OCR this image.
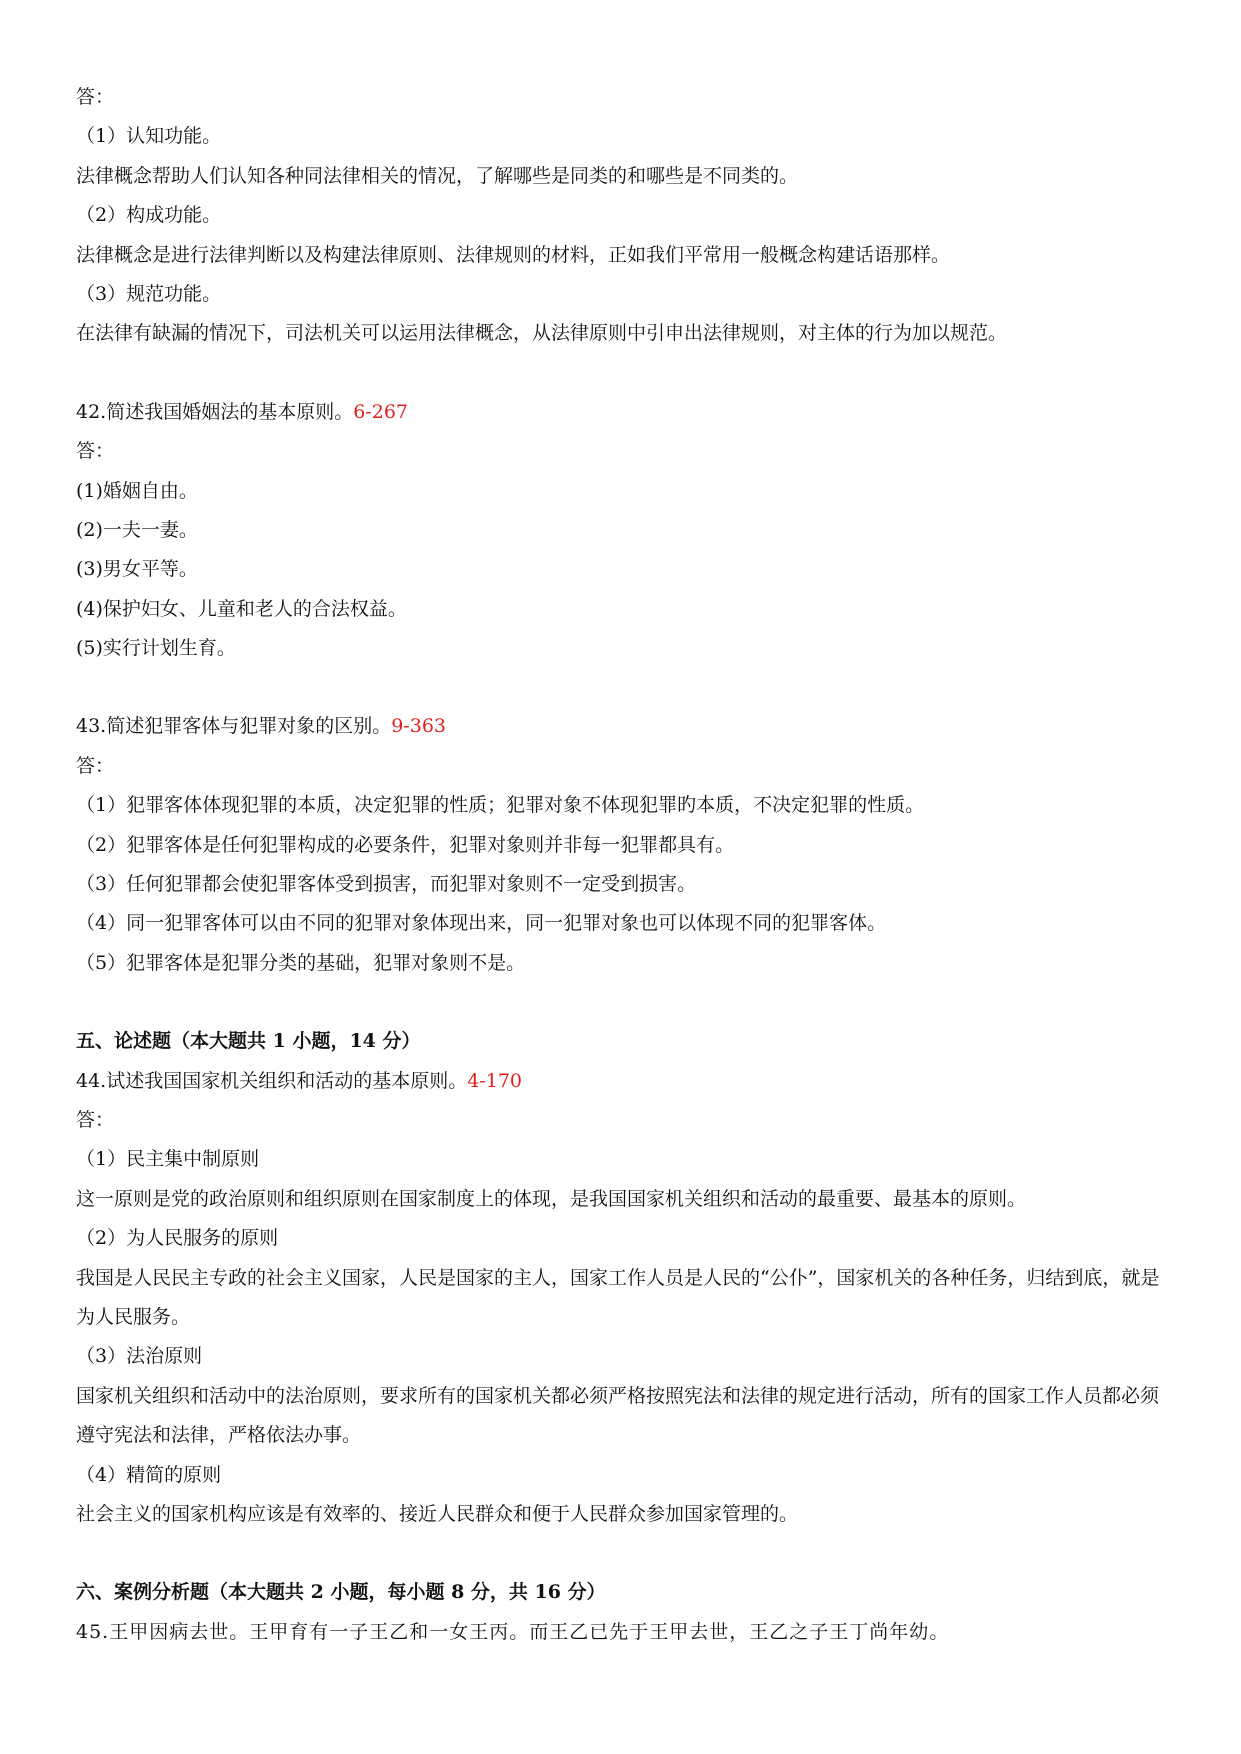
答：
（1）认知功能。
法律概念帮助人们认知各种同法律相关的情况，了解哪些是同类的和哪些是不同类的。
（2）构成功能。
法律概念是进行法律判断以及构建法律原则、法律规则的材料，正如我们平常用一般概念构建话语那样。
（3）规范功能。
在法律有缺漏的情况下，司法机关可以运用法律概念，从法律原则中引申出法律规则，对主体的行为加以规范。
42.简述我国婚姻法的基本原则。6-267
答：
(1)婚姻自由。
(2)一夫一妻。
(3)男女平等。
(4)保护妇女、儿童和老人的合法权益。
(5)实行计划生育。
43.简述犯罪客体与犯罪对象的区别。9-363
答：
（1）犯罪客体体现犯罪的本质，决定犯罪的性质；犯罪对象不体现犯罪旳本质，不决定犯罪的性质。
（2）犯罪客体是任何犯罪构成的必要条件，犯罪对象则并非每一犯罪都具有。
（3）任何犯罪都会使犯罪客体受到损害，而犯罪对象则不一定受到损害。
（4）同一犯罪客体可以由不同的犯罪对象体现出来，同一犯罪对象也可以体现不同的犯罪客体。
（5）犯罪客体是犯罪分类的基础，犯罪对象则不是。
五、论述题（本大题共 1 小题，14 分）
44.试述我国国家机关组织和活动的基本原则。4-170
答：
（1）民主集中制原则
这一原则是党的政治原则和组织原则在国家制度上的体现，是我国国家机关组织和活动的最重要、最基本的原则。
（2）为人民服务的原则
我国是人民民主专政的社会主义国家，人民是国家的主人，国家工作人员是人民的“公仆”，国家机关的各种任务，归结到底，就是为人民服务。
（3）法治原则
国家机关组织和活动中的法治原则，要求所有的国家机关都必须严格按照宪法和法律的规定进行活动，所有的国家工作人员都必须遵守宪法和法律，严格依法办事。
（4）精简的原则
社会主义的国家机构应该是有效率的、接近人民群众和便于人民群众参加国家管理的。
六、案例分析题（本大题共 2 小题，每小题 8 分，共 16 分）
45.王甲因病去世。王甲育有一子王乙和一女王丙。而王乙已先于王甲去世，王乙之子王丁尚年幼。
